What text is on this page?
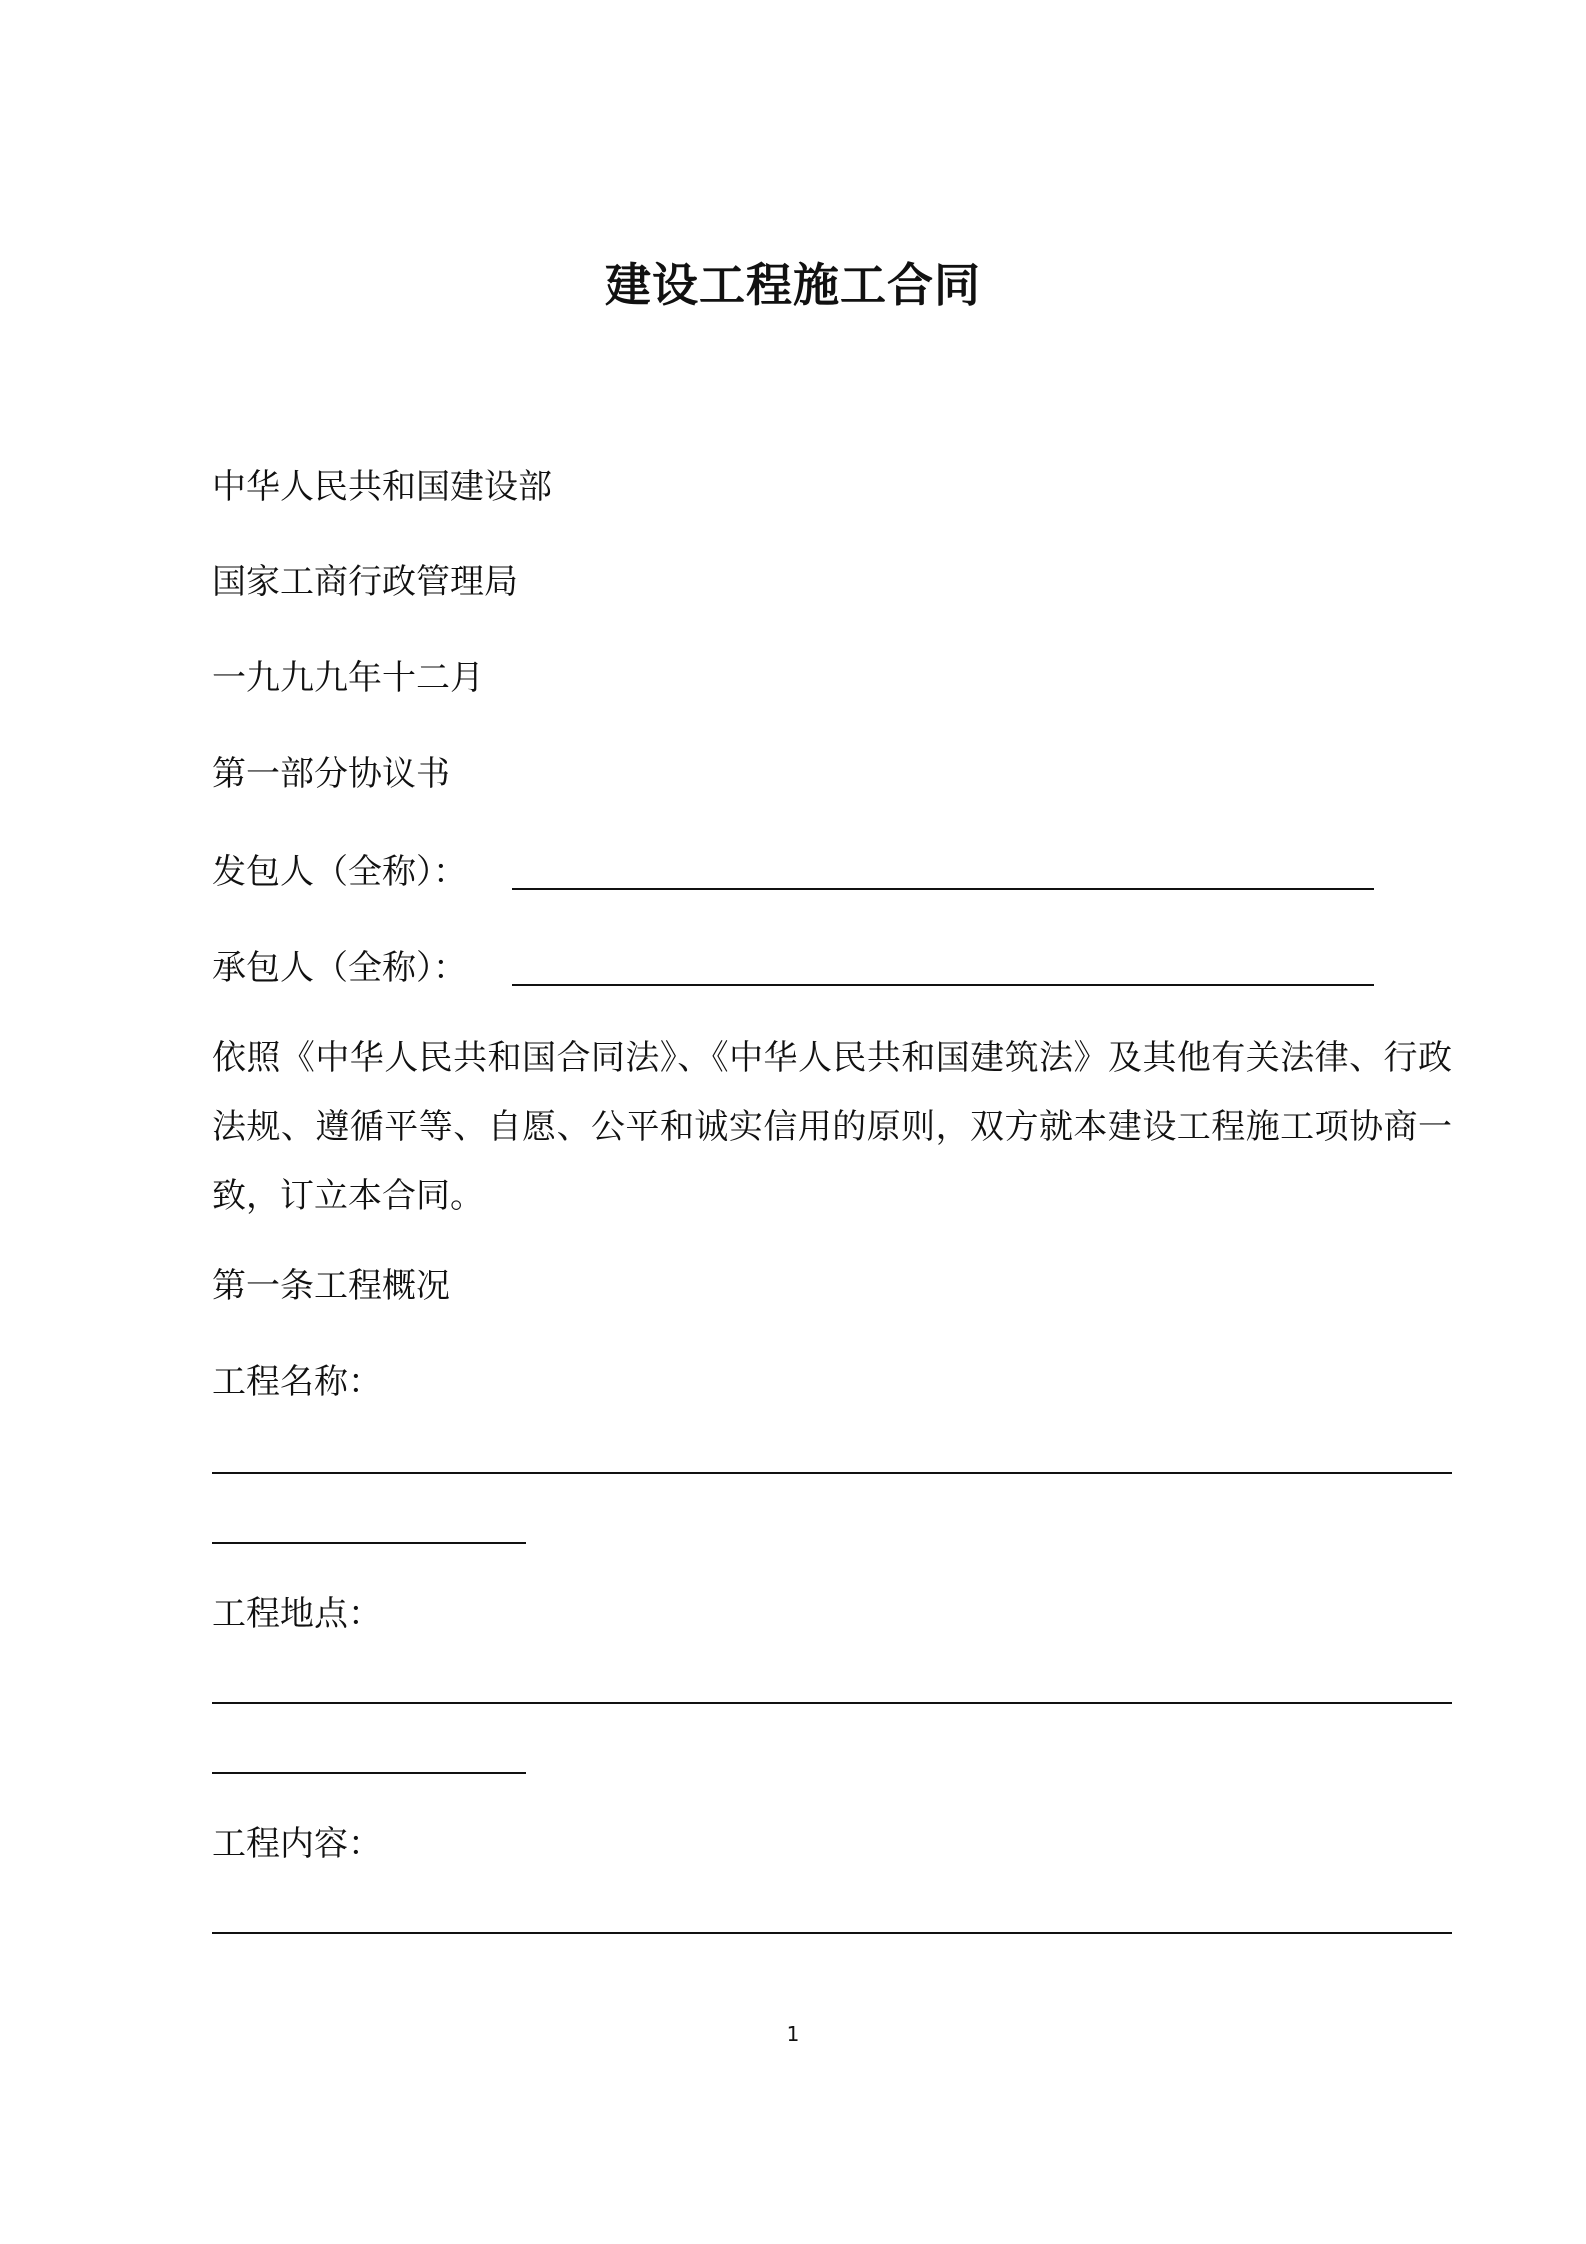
建设工程施工合同
中华人民共和国建设部
国家工商行政管理局
一九九九年十二月
第一部分协议书
发包人（全称）：
承包人（全称）：
依照《中华人民共和国合同法》、《中华人民共和国建筑法》及其他有关法律、行政法规、遵循平等、自愿、公平和诚实信用的原则，双方就本建设工程施工项协商一致，订立本合同。
第一条工程概况
工程名称：
工程地点：
工程内容：
1
